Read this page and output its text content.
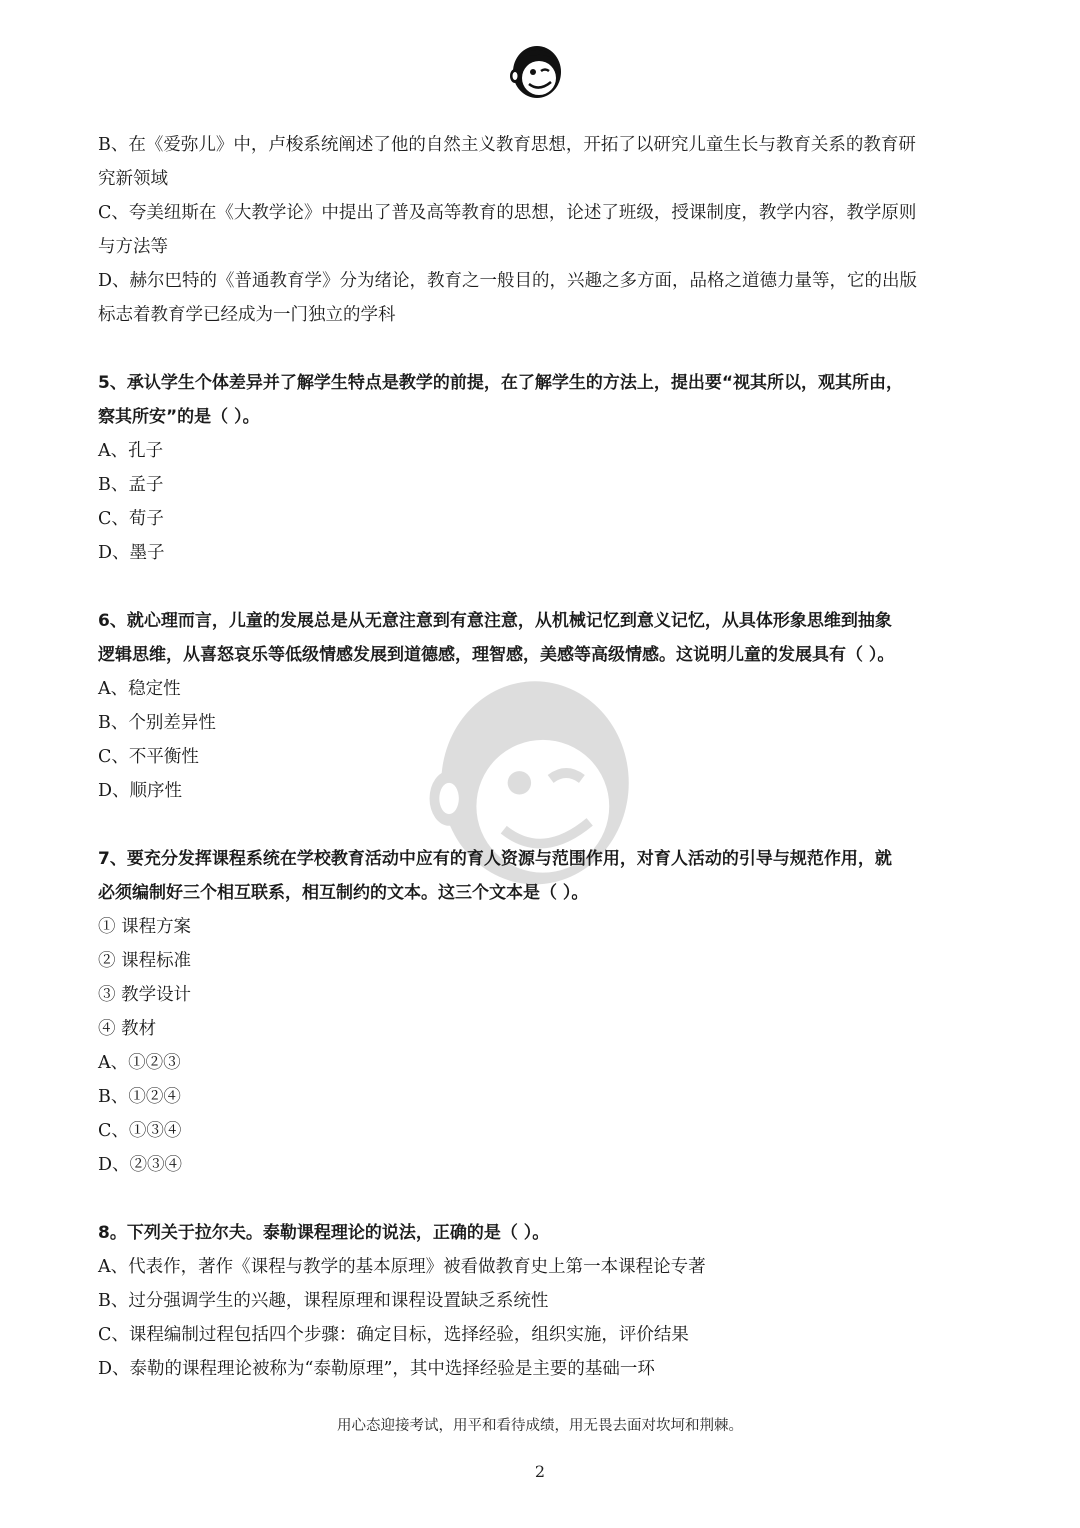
B、在《爱弥儿》中，卢梭系统阐述了他的自然主义教育思想，开拓了以研究儿童生长与教育关系的教育研
究新领域
C、夸美纽斯在《大教学论》中提出了普及高等教育的思想，论述了班级，授课制度，教学内容，教学原则
与方法等
D、赫尔巴特的《普通教育学》分为绪论，教育之一般目的，兴趣之多方面，品格之道德力量等，它的出版
标志着教育学已经成为一门独立的学科
5、承认学生个体差异并了解学生特点是教学的前提，在了解学生的方法上，提出要“视其所以，观其所由，
察其所安”的是（ ）。
A、孔子
B、孟子
C、荀子
D、墨子
6、就心理而言，儿童的发展总是从无意注意到有意注意，从机械记忆到意义记忆，从具体形象思维到抽象
逻辑思维，从喜怒哀乐等低级情感发展到道德感，理智感，美感等高级情感。这说明儿童的发展具有（ ）。
A、稳定性
B、个别差异性
C、不平衡性
D、顺序性
7、要充分发挥课程系统在学校教育活动中应有的育人资源与范围作用，对育人活动的引导与规范作用，就
必须编制好三个相互联系，相互制约的文本。这三个文本是（ ）。
① 课程方案
② 课程标准
③ 教学设计
④ 教材
A、①②③
B、①②④
C、①③④
D、②③④
8。下列关于拉尔夫。泰勒课程理论的说法，正确的是（ ）。
A、代表作，著作《课程与教学的基本原理》被看做教育史上第一本课程论专著
B、过分强调学生的兴趣，课程原理和课程设置缺乏系统性
C、课程编制过程包括四个步骤：确定目标，选择经验，组织实施，评价结果
D、泰勒的课程理论被称为“泰勒原理”，其中选择经验是主要的基础一环
用心态迎接考试，用平和看待成绩，用无畏去面对坎坷和荆棘。
2
